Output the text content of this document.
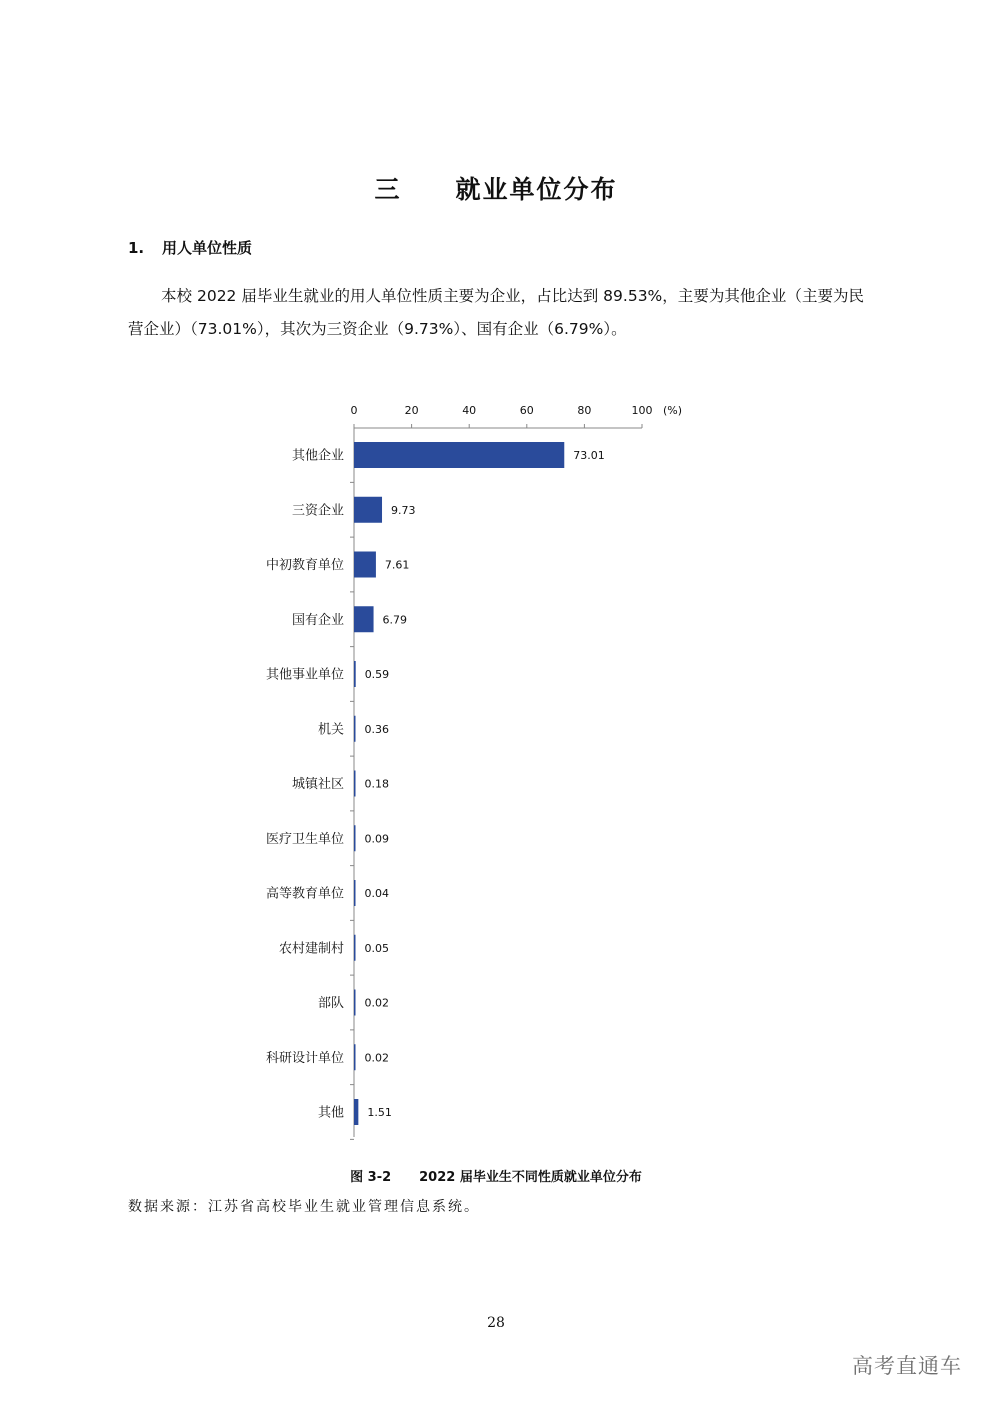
三　　就业单位分布
1. 用人单位性质

本校 2022 届毕业生就业的用人单位性质主要为企业，占比达到 89.53%，主要为其他企业（主要为民营企业）（73.01%），其次为三资企业（9.73%）、国有企业（6.79%）。

0	20	40	60	80	100 (%)
其他企业	73.01
三资企业	9.73
中初教育单位	7.61
国有企业	6.79
其他事业单位 0.59
机关 0.36
城镇社区 0.18
医疗卫生单位 0.09
高等教育单位 0.04
农村建制村 0.05
部队 0.02
科研设计单位 0.02
其他 1.51
图 3-2 2022 届毕业生不同性质就业单位分布
数据来源：江苏省高校毕业生就业管理信息系统。
28
高考直通车
